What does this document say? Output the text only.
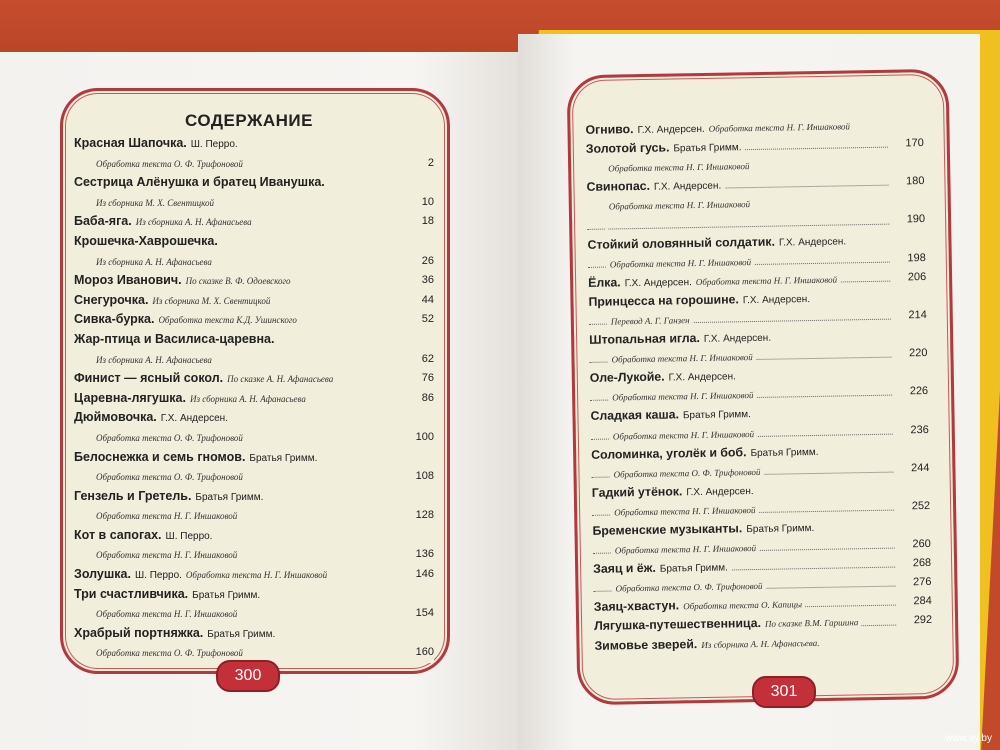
СОДЕРЖАНИЕ
Красная Шапочка. Ш. Перро.
Обработка текста О. Ф. Трифоновой	2
Сестрица Алёнушка и братец Иванушка.
Из сборника М. Х. Свентицкой	10
Баба-яга. Из сборника А. Н. Афанасьева	18
Крошечка-Хаврошечка.
Из сборника А. Н. Афанасьева	26
Мороз Иванович. По сказке В. Ф. Одоевского	36
Снегурочка. Из сборника М. Х. Свентицкой	44
Сивка-бурка. Обработка текста К.Д. Ушинского	52
Жар-птица и Василиса-царевна.
Из сборника А. Н. Афанасьева	62
Финист — ясный сокол. По сказке А. Н. Афанасьева	76
Царевна-лягушка. Из сборника А. Н. Афанасьева	86
Дюймовочка. Г.Х. Андерсен.
Обработка текста О. Ф. Трифоновой	100
Белоснежка и семь гномов. Братья Гримм.
Обработка текста О. Ф. Трифоновой	108
Гензель и Гретель. Братья Гримм.
Обработка текста Н. Г. Иншаковой	128
Кот в сапогах. Ш. Перро.
Обработка текста Н. Г. Иншаковой	136
Золушка. Ш. Перро. Обработка текста Н. Г. Иншаковой	146
Три счастливчика. Братья Гримм.
Обработка текста Н. Г. Иншаковой	154
Храбрый портняжка. Братья Гримм.
Обработка текста О. Ф. Трифоновой	160
Огниво. Г.Х. Андерсен. Обработка текста Н. Г. Иншаковой
Золотой гусь. Братья Гримм.	170
Обработка текста Н. Г. Иншаковой
Свинопас. Г.Х. Андерсен.	180
Обработка текста Н. Г. Иншаковой
190
Стойкий оловянный солдатик. Г.Х. Андерсен.
Обработка текста Н. Г. Иншаковой	198
Ёлка. Г.Х. Андерсен. Обработка текста Н. Г. Иншаковой	206
Принцесса на горошине. Г.Х. Андерсен.
Перевод А. Г. Ганзен	214
Штопальная игла. Г.Х. Андерсен.
Обработка текста Н. Г. Иншаковой	220
Оле-Лукойе. Г.Х. Андерсен.
Обработка текста Н. Г. Иншаковой	226
Сладкая каша. Братья Гримм.
Обработка текста Н. Г. Иншаковой	236
Соломинка, уголёк и боб. Братья Гримм.
Обработка текста О. Ф. Трифоновой	244
Гадкий утёнок. Г.Х. Андерсен.
Обработка текста Н. Г. Иншаковой	252
Бременские музыканты. Братья Гримм.
Обработка текста Н. Г. Иншаковой	260
Заяц и ёж. Братья Гримм.	268
Обработка текста О. Ф. Трифоновой	276
Заяц-хвастун. Обработка текста О. Капицы	284
Лягушка-путешественница. По сказке В.М. Гаршина	292
Зимовье зверей. Из сборника А. Н. Афанасьева.
300
301
www.ay.by
